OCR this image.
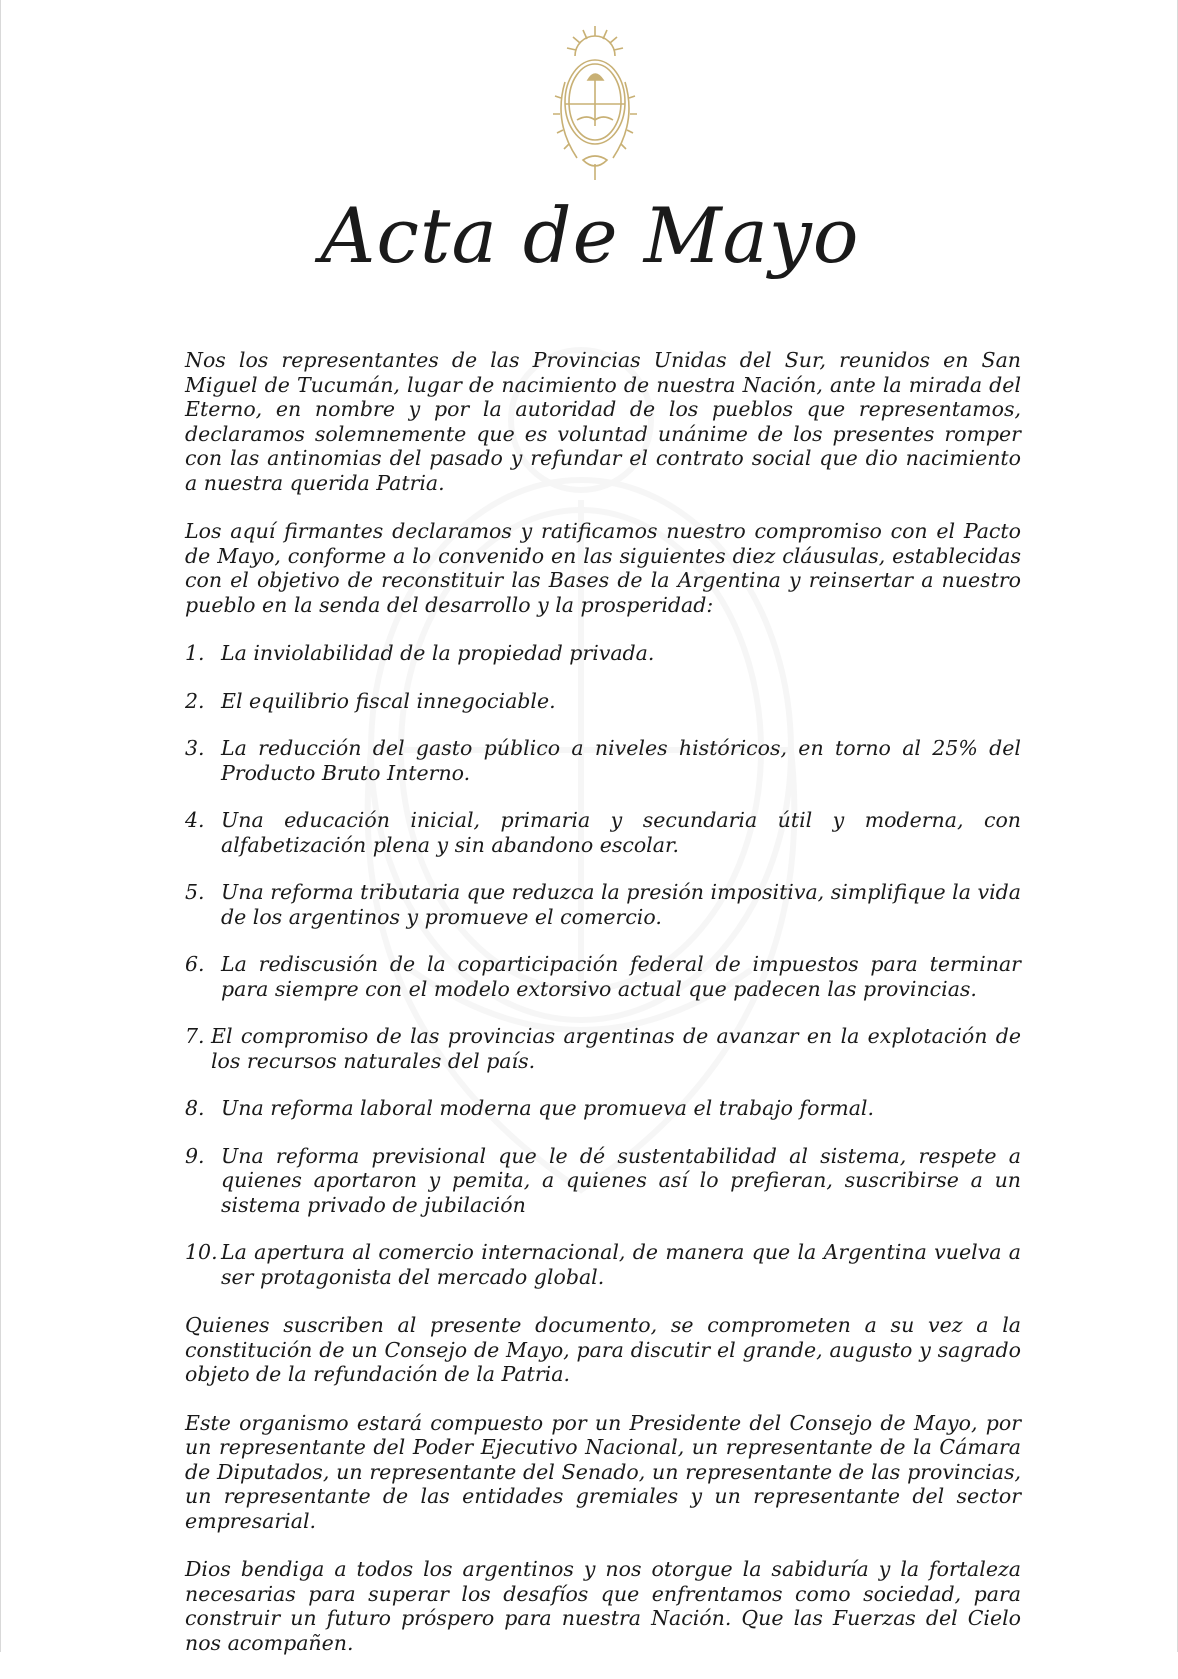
Acta de Mayo

Nos los representantes de las Provincias Unidas del Sur, reunidos en San Miguel de Tucumán, lugar de nacimiento de nuestra Nación, ante la mirada del Eterno, en nombre y por la autoridad de los pueblos que representamos, declaramos solemnemente que es voluntad unánime de los presentes romper con las antinomias del pasado y refundar el contrato social que dio nacimiento a nuestra querida Patria.

Los aquí firmantes declaramos y ratificamos nuestro compromiso con el Pacto de Mayo, conforme a lo convenido en las siguientes diez cláusulas, establecidas con el objetivo de reconstituir las Bases de la Argentina y reinsertar a nuestro pueblo en la senda del desarrollo y la prosperidad:

1. La inviolabilidad de la propiedad privada.
2. El equilibrio fiscal innegociable.
3. La reducción del gasto público a niveles históricos, en torno al 25% del Producto Bruto Interno.
4. Una educación inicial, primaria y secundaria útil y moderna, con alfabetización plena y sin abandono escolar.
5. Una reforma tributaria que reduzca la presión impositiva, simplifique la vida de los argentinos y promueve el comercio.
6. La rediscusión de la coparticipación federal de impuestos para terminar para siempre con el modelo extorsivo actual que padecen las provincias.
7. El compromiso de las provincias argentinas de avanzar en la explotación de los recursos naturales del país.
8. Una reforma laboral moderna que promueva el trabajo formal.
9. Una reforma previsional que le dé sustentabilidad al sistema, respete a quienes aportaron y pemita, a quienes así lo prefieran, suscribirse a un sistema privado de jubilación
10. La apertura al comercio internacional, de manera que la Argentina vuelva a ser protagonista del mercado global.

Quienes suscriben al presente documento, se comprometen a su vez a la constitución de un Consejo de Mayo, para discutir el grande, augusto y sagrado objeto de la refundación de la Patria.

Este organismo estará compuesto por un Presidente del Consejo de Mayo, por un representante del Poder Ejecutivo Nacional, un representante de la Cámara de Diputados, un representante del Senado, un representante de las provincias, un representante de las entidades gremiales y un representante del sector empresarial.

Dios bendiga a todos los argentinos y nos otorgue la sabiduría y la fortaleza necesarias para superar los desafíos que enfrentamos como sociedad, para construir un futuro próspero para nuestra Nación. Que las Fuerzas del Cielo nos acompañen.
